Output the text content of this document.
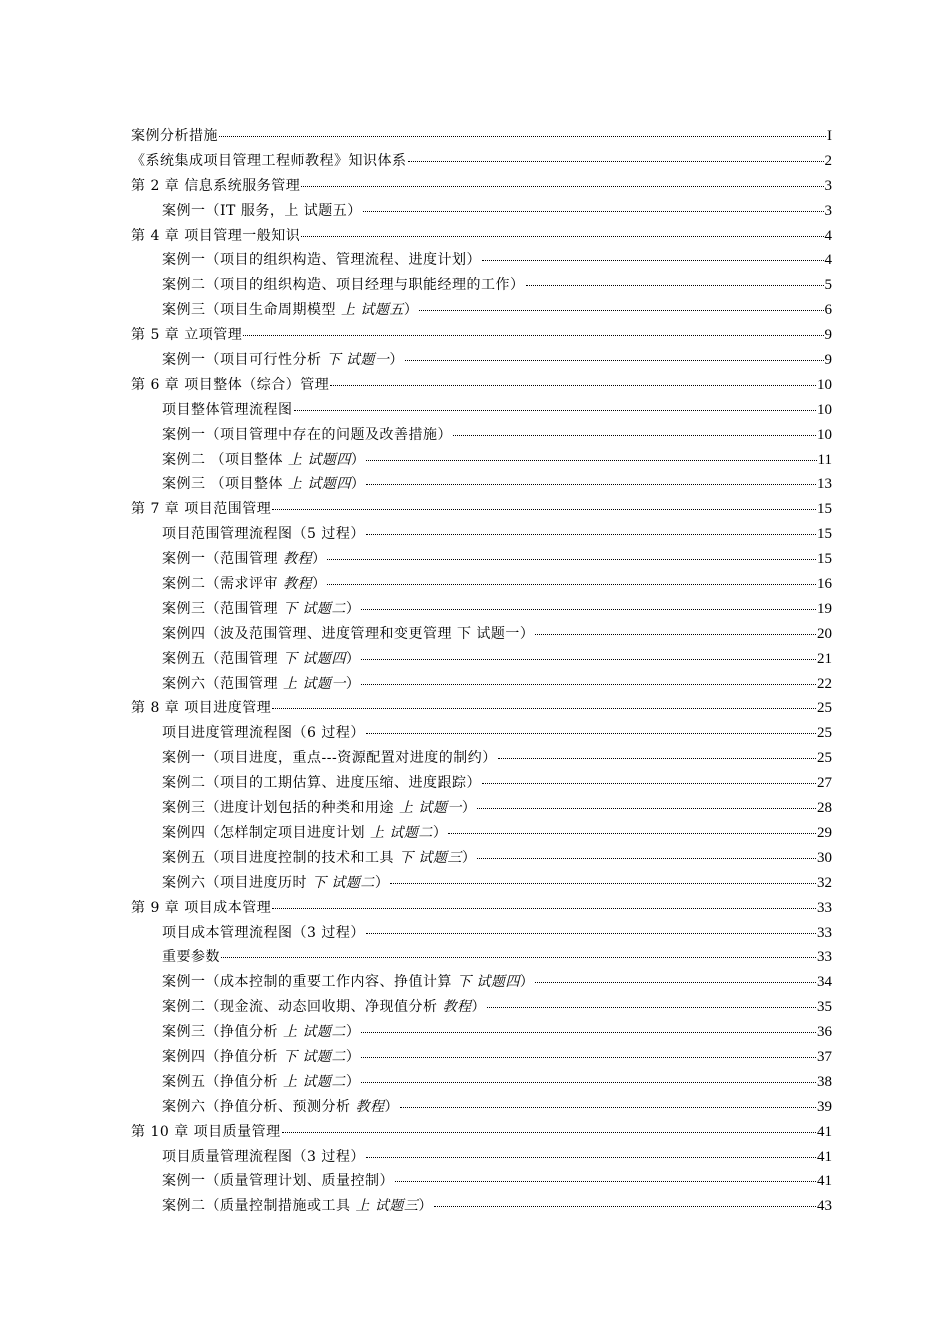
案例分析措施	I
《系统集成项目管理工程师教程》知识体系	2
第 2 章 信息系统服务管理	3
案例一（IT 服务，上 试题五）	3
第 4 章 项目管理一般知识	4
案例一（项目的组织构造、管理流程、进度计划）	4
案例二（项目的组织构造、项目经理与职能经理的工作）	5
案例三（项目生命周期模型 上 试题五）	6
第 5 章 立项管理	9
案例一（项目可行性分析 下 试题一）	9
第 6 章 项目整体（综合）管理	10
项目整体管理流程图	10
案例一（项目管理中存在的问题及改善措施）	10
案例二 （项目整体 上 试题四）	11
案例三 （项目整体 上 试题四）	13
第 7 章 项目范围管理	15
项目范围管理流程图（5 过程）	15
案例一（范围管理 教程）	15
案例二（需求评审 教程）	16
案例三（范围管理 下 试题二）	19
案例四（波及范围管理、进度管理和变更管理 下 试题一）	20
案例五（范围管理 下 试题四）	21
案例六（范围管理 上 试题一）	22
第 8 章 项目进度管理	25
项目进度管理流程图（6 过程）	25
案例一（项目进度，重点---资源配置对进度的制约）	25
案例二（项目的工期估算、进度压缩、进度跟踪）	27
案例三（进度计划包括的种类和用途 上 试题一）	28
案例四（怎样制定项目进度计划 上 试题二）	29
案例五（项目进度控制的技术和工具 下 试题三）	30
案例六（项目进度历时 下 试题二）	32
第 9 章 项目成本管理	33
项目成本管理流程图（3 过程）	33
重要参数	33
案例一（成本控制的重要工作内容、挣值计算 下 试题四）	34
案例二（现金流、动态回收期、净现值分析 教程）	35
案例三（挣值分析 上 试题二）	36
案例四（挣值分析 下 试题二）	37
案例五（挣值分析 上 试题二）	38
案例六（挣值分析、预测分析 教程）	39
第 10 章 项目质量管理	41
项目质量管理流程图（3 过程）	41
案例一（质量管理计划、质量控制）	41
案例二（质量控制措施或工具 上 试题三）	43
